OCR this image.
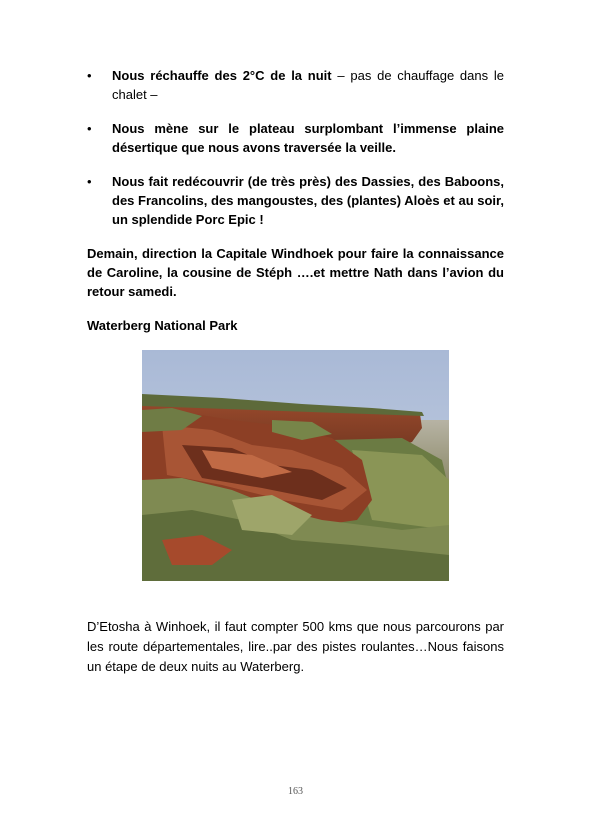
• Nous réchauffe des 2°C de la nuit – pas de chauffage dans le chalet –
• Nous mène sur le plateau surplombant l’immense plaine désertique que nous avons traversée la veille.
• Nous fait redécouvrir (de très près) des Dassies, des Baboons, des Francolins, des mangoustes, des (plantes) Aloès et au soir, un splendide Porc Epic !
Demain, direction la Capitale Windhoek pour faire la connaissance de Caroline, la cousine de Stéph ….et mettre Nath dans l’avion du retour samedi.
Waterberg National Park
D’Etosha à Winhoek, il faut compter 500 kms que nous parcourons par les route départementales, lire..par des pistes roulantes…Nous faisons un étape de deux nuits au Waterberg.
163
